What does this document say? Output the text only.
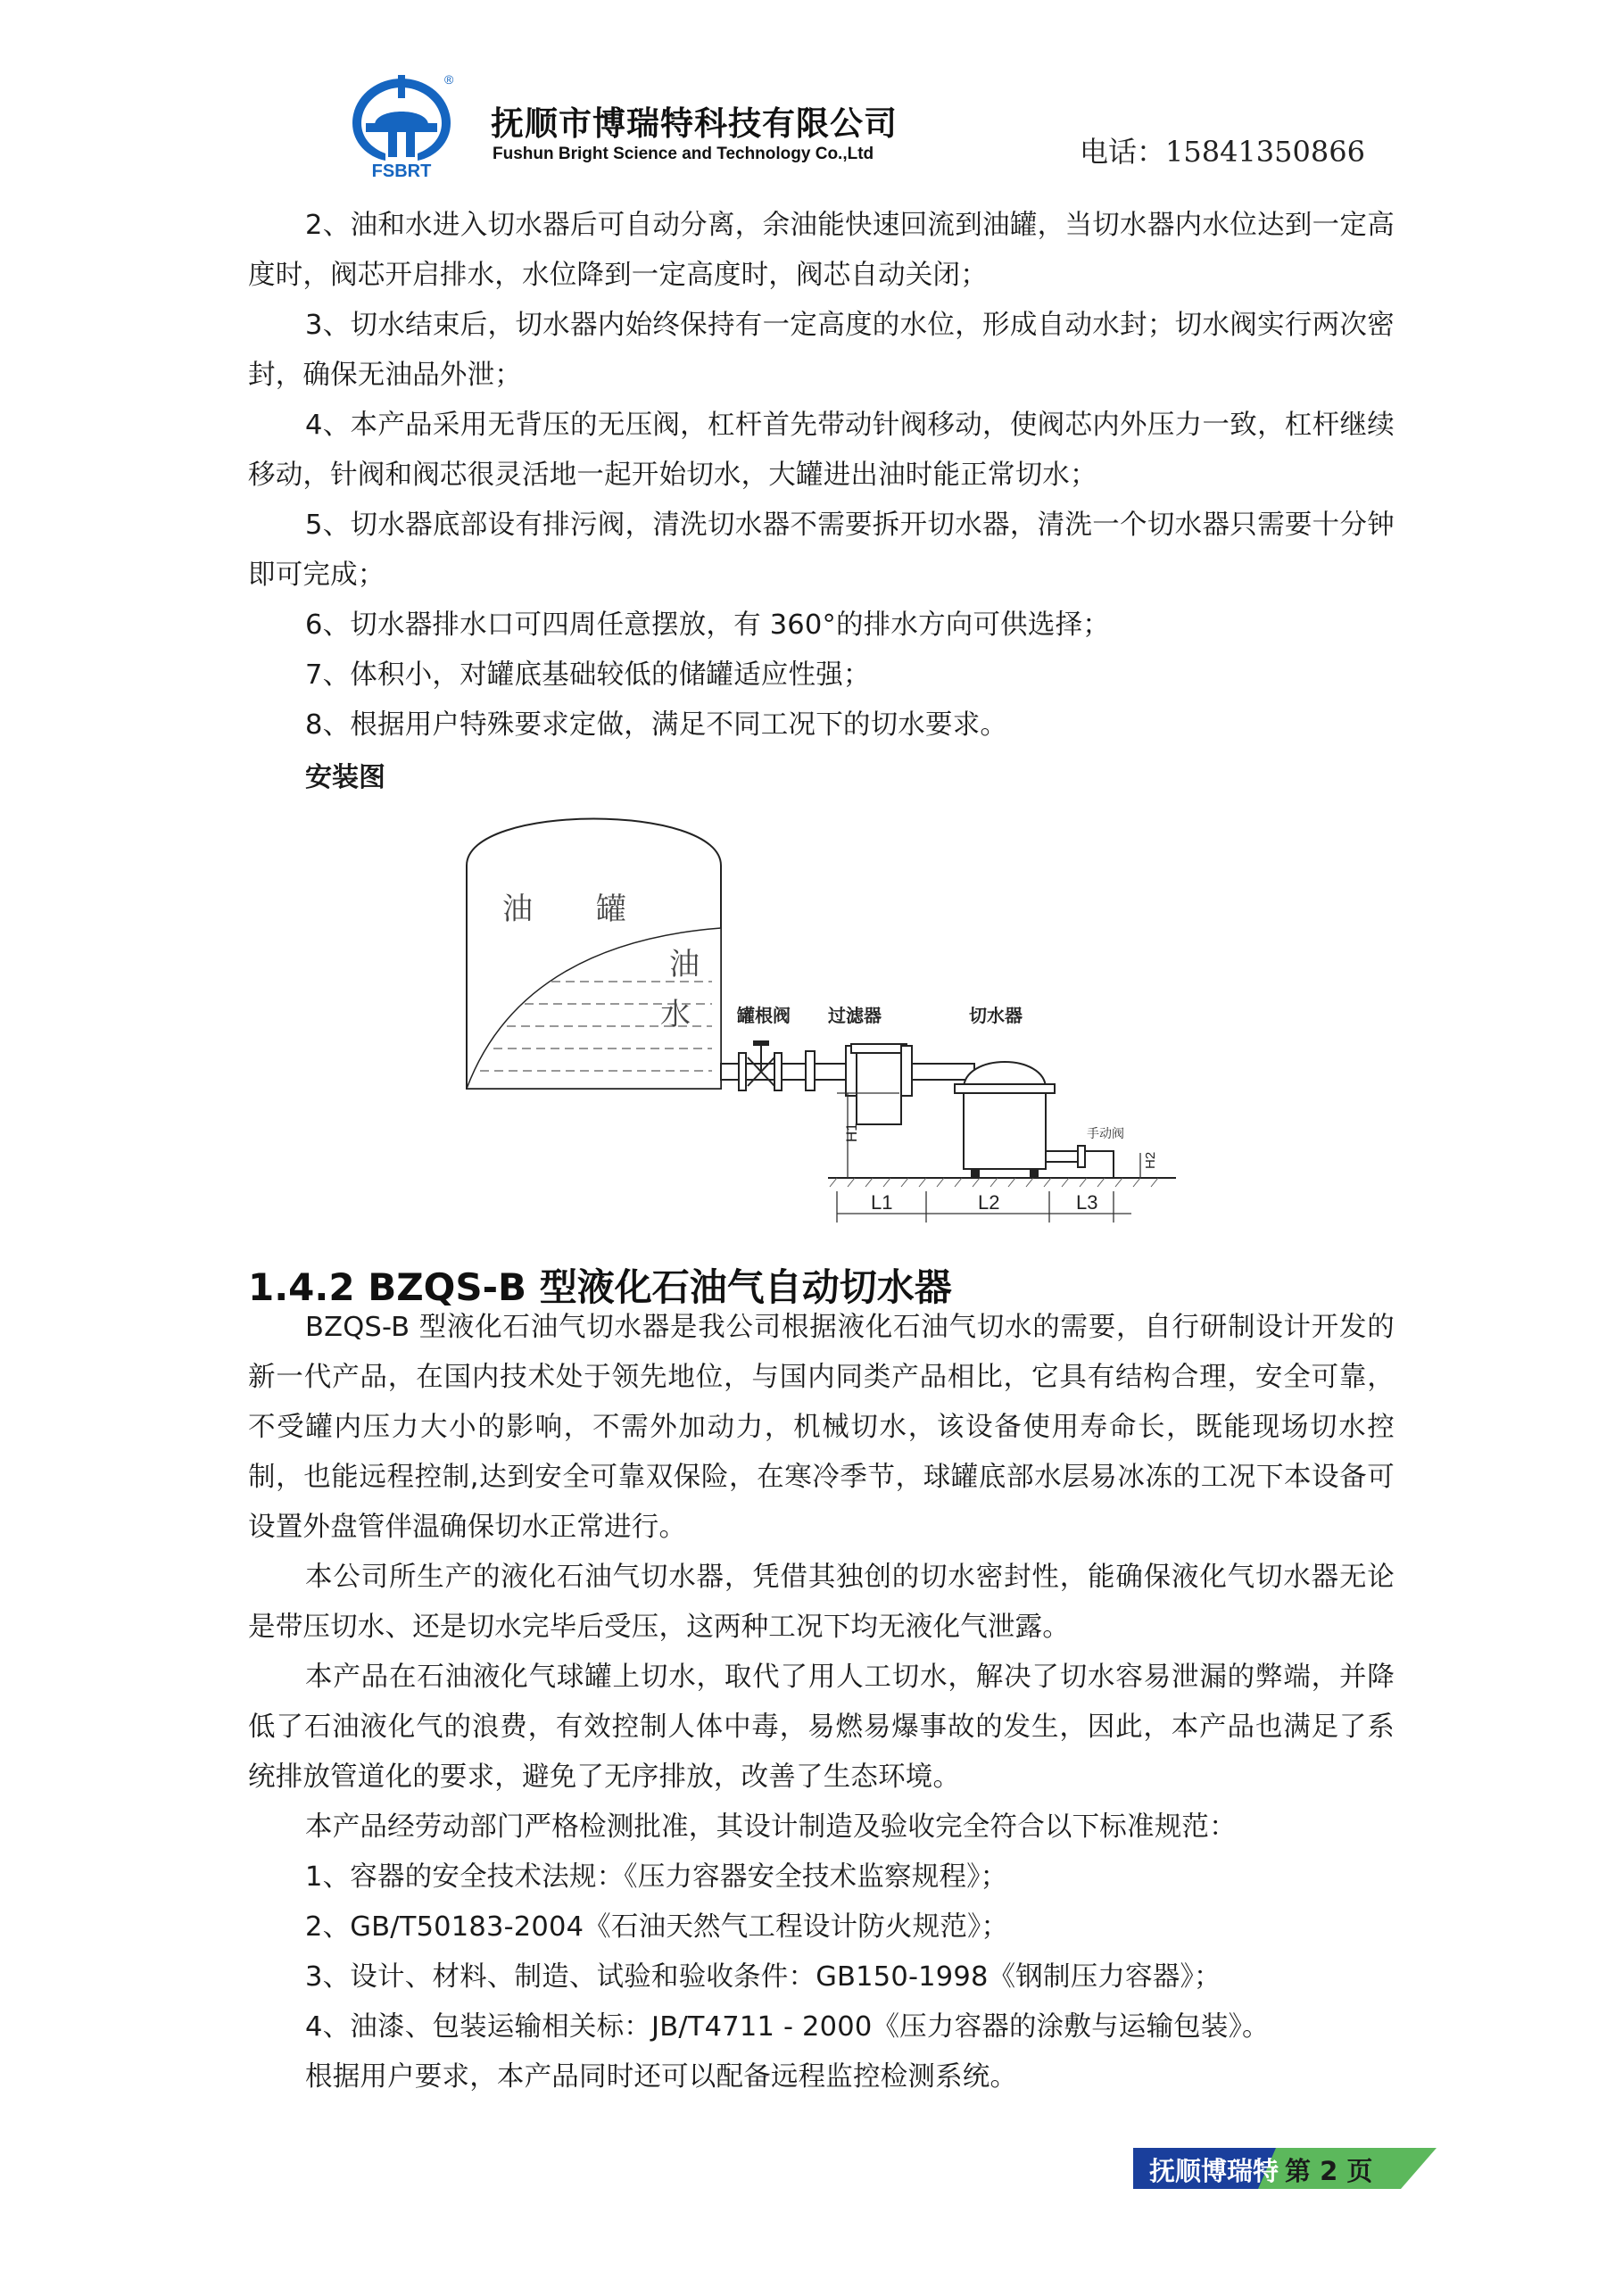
®
FSBRT
抚顺市博瑞特科技有限公司
Fushun Bright Science and Technology Co.,Ltd	电话：15841350866
2、油和水进入切水器后可自动分离，余油能快速回流到油罐，当切水器内水位达到一定高度时，阀芯开启排水，水位降到一定高度时，阀芯自动关闭；
3、切水结束后，切水器内始终保持有一定高度的水位，形成自动水封；切水阀实行两次密封，确保无油品外泄；
4、本产品采用无背压的无压阀，杠杆首先带动针阀移动，使阀芯内外压力一致，杠杆继续移动，针阀和阀芯很灵活地一起开始切水，大罐进出油时能正常切水；
5、切水器底部设有排污阀，清洗切水器不需要拆开切水器，清洗一个切水器只需要十分钟即可完成；
6、切水器排水口可四周任意摆放，有 360°的排水方向可供选择；
7、体积小，对罐底基础较低的储罐适应性强；
8、根据用户特殊要求定做，满足不同工况下的切水要求。
安装图
油 罐
油
水
手动阀
罐根阀 过滤器	切水器
H1
H2
L1	L2	L3
1.4.2 BZQS-B 型液化石油气自动切水器
BZQS-B 型液化石油气切水器是我公司根据液化石油气切水的需要，自行研制设计开发的新一代产品，在国内技术处于领先地位，与国内同类产品相比，它具有结构合理，安全可靠，不受罐内压力大小的影响，不需外加动力，机械切水，该设备使用寿命长，既能现场切水控制，也能远程控制,达到安全可靠双保险，在寒冷季节，球罐底部水层易冰冻的工况下本设备可设置外盘管伴温确保切水正常进行。
本公司所生产的液化石油气切水器，凭借其独创的切水密封性，能确保液化气切水器无论是带压切水、还是切水完毕后受压，这两种工况下均无液化气泄露。
本产品在石油液化气球罐上切水，取代了用人工切水，解决了切水容易泄漏的弊端，并降低了石油液化气的浪费，有效控制人体中毒，易燃易爆事故的发生，因此，本产品也满足了系统排放管道化的要求，避免了无序排放，改善了生态环境。
本产品经劳动部门严格检测批准，其设计制造及验收完全符合以下标准规范：
1、容器的安全技术法规：《压力容器安全技术监察规程》；
2、GB/T50183-2004《石油天然气工程设计防火规范》；
3、设计、材料、制造、试验和验收条件：GB150-1998《钢制压力容器》；
4、油漆、包装运输相关标：JB/T4711 - 2000《压力容器的涂敷与运输包装》。
根据用户要求，本产品同时还可以配备远程监控检测系统。
抚顺博瑞特 第 2 页
